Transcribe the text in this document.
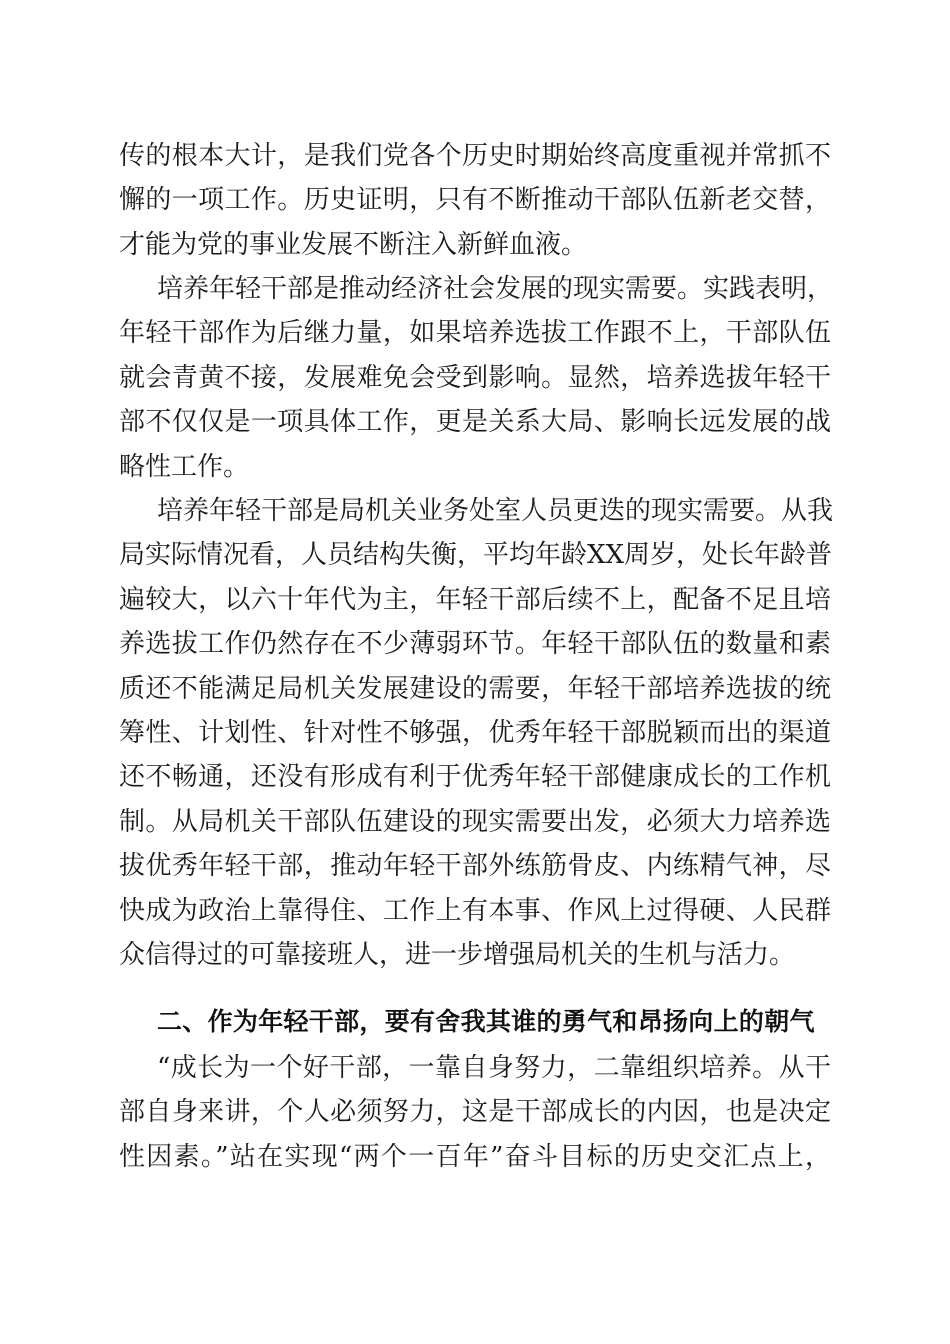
传的根本大计，是我们党各个历史时期始终高度重视并常抓不
懈的一项工作。历史证明，只有不断推动干部队伍新老交替，
才能为党的事业发展不断注入新鲜血液。
培养年轻干部是推动经济社会发展的现实需要。实践表明，
年轻干部作为后继力量，如果培养选拔工作跟不上，干部队伍
就会青黄不接，发展难免会受到影响。显然，培养选拔年轻干
部不仅仅是一项具体工作，更是关系大局、影响长远发展的战
略性工作。
培养年轻干部是局机关业务处室人员更迭的现实需要。从我
局实际情况看，人员结构失衡，平均年龄XX周岁，处长年龄普
遍较大，以六十年代为主，年轻干部后续不上，配备不足且培
养选拔工作仍然存在不少薄弱环节。年轻干部队伍的数量和素
质还不能满足局机关发展建设的需要，年轻干部培养选拔的统
筹性、计划性、针对性不够强，优秀年轻干部脱颖而出的渠道
还不畅通，还没有形成有利于优秀年轻干部健康成长的工作机
制。从局机关干部队伍建设的现实需要出发，必须大力培养选
拔优秀年轻干部，推动年轻干部外练筋骨皮、内练精气神，尽
快成为政治上靠得住、工作上有本事、作风上过得硬、人民群
众信得过的可靠接班人，进一步增强局机关的生机与活力。
二、作为年轻干部，要有舍我其谁的勇气和昂扬向上的朝气
“成长为一个好干部，一靠自身努力，二靠组织培养。从干
部自身来讲，个人必须努力，这是干部成长的内因，也是决定
性因素。”站在实现“两个一百年”奋斗目标的历史交汇点上，
